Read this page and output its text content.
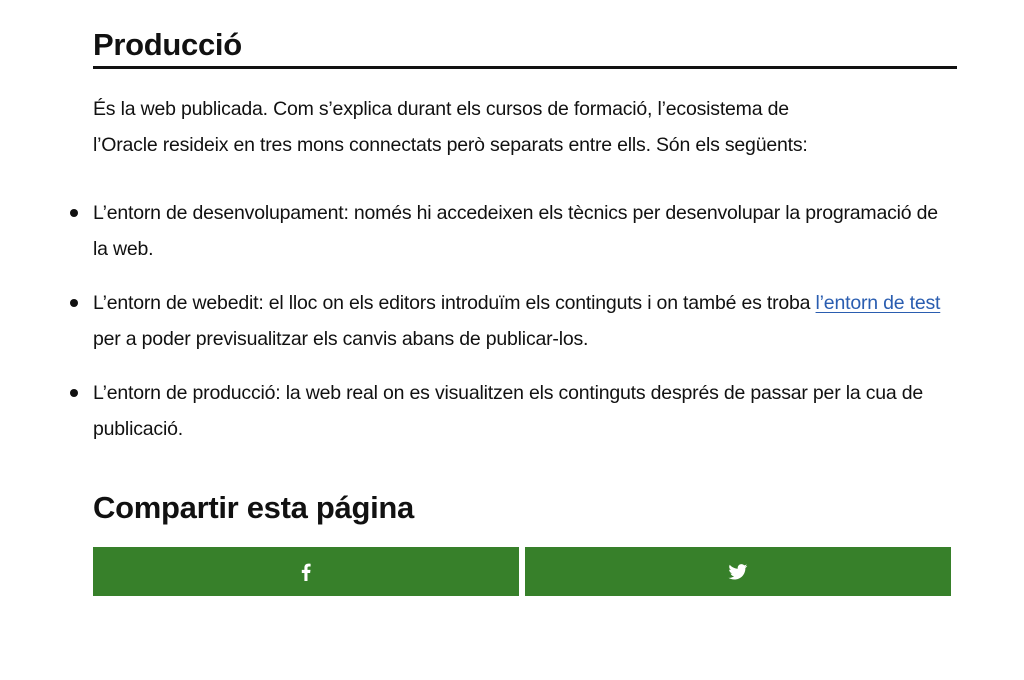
Producció

És la web publicada. Com s’explica durant els cursos de formació, l’ecosistema de
l’Oracle resideix en tres mons connectats però separats entre ells. Són els següents:

L’entorn de desenvolupament: només hi accedeixen els tècnics per desenvolupar la programació de la web.
L’entorn de webedit: el lloc on els editors introduïm els continguts i on també es troba l’entorn de test per a poder previsualitzar els canvis abans de publicar-los.
L’entorn de producció: la web real on es visualitzen els continguts després de passar per la cua de publicació.
Compartir esta página
